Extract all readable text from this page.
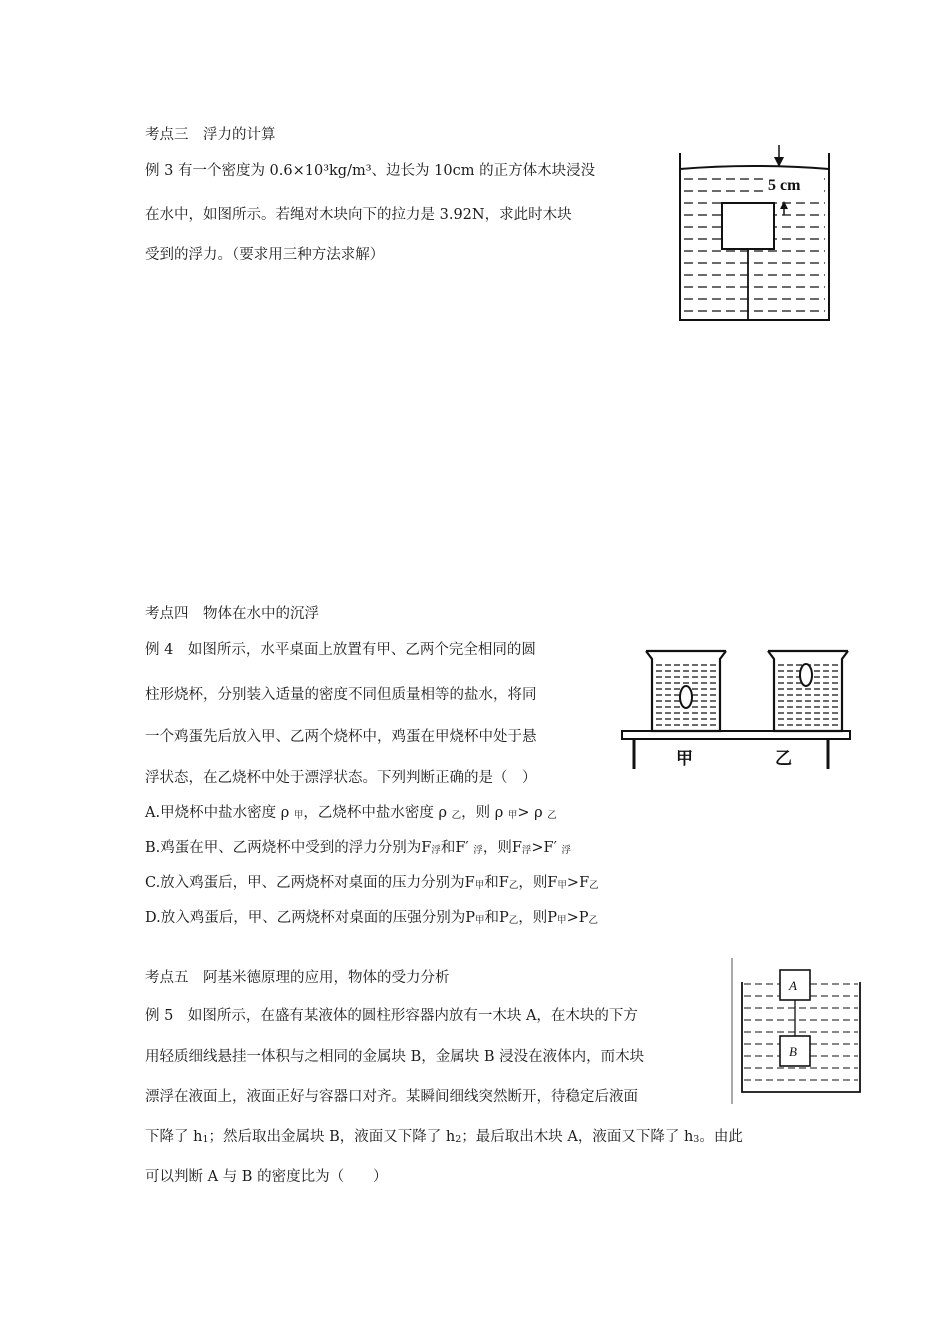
考点三　浮力的计算
例 3 有一个密度为 0.6×10³kg/m³、边长为 10cm 的正方体木块浸没
在水中，如图所示。若绳对木块向下的拉力是 3.92N，求此时木块
受到的浮力。（要求用三种方法求解）
5 cm
考点四　物体在水中的沉浮
例 4　如图所示，水平桌面上放置有甲、乙两个完全相同的圆
柱形烧杯，分别装入适量的密度不同但质量相等的盐水，将同
一个鸡蛋先后放入甲、乙两个烧杯中，鸡蛋在甲烧杯中处于悬
浮状态，在乙烧杯中处于漂浮状态。下列判断正确的是（　）
A.甲烧杯中盐水密度 ρ 甲，乙烧杯中盐水密度 ρ 乙，则 ρ 甲> ρ 乙
B.鸡蛋在甲、乙两烧杯中受到的浮力分别为F浮和F′ 浮，则F浮>F′ 浮
C.放入鸡蛋后，甲、乙两烧杯对桌面的压力分别为F甲和F乙，则F甲>F乙
D.放入鸡蛋后，甲、乙两烧杯对桌面的压强分别为P甲和P乙，则P甲>P乙
甲	乙
考点五　阿基米德原理的应用，物体的受力分析
例 5　如图所示，在盛有某液体的圆柱形容器内放有一木块 A，在木块的下方
用轻质细线悬挂一体积与之相同的金属块 B，金属块 B 浸没在液体内，而木块
漂浮在液面上，液面正好与容器口对齐。某瞬间细线突然断开，待稳定后液面
下降了 h1；然后取出金属块 B，液面又下降了 h2；最后取出木块 A，液面又下降了 h3。由此
可以判断 A 与 B 的密度比为（　　）
A
B
